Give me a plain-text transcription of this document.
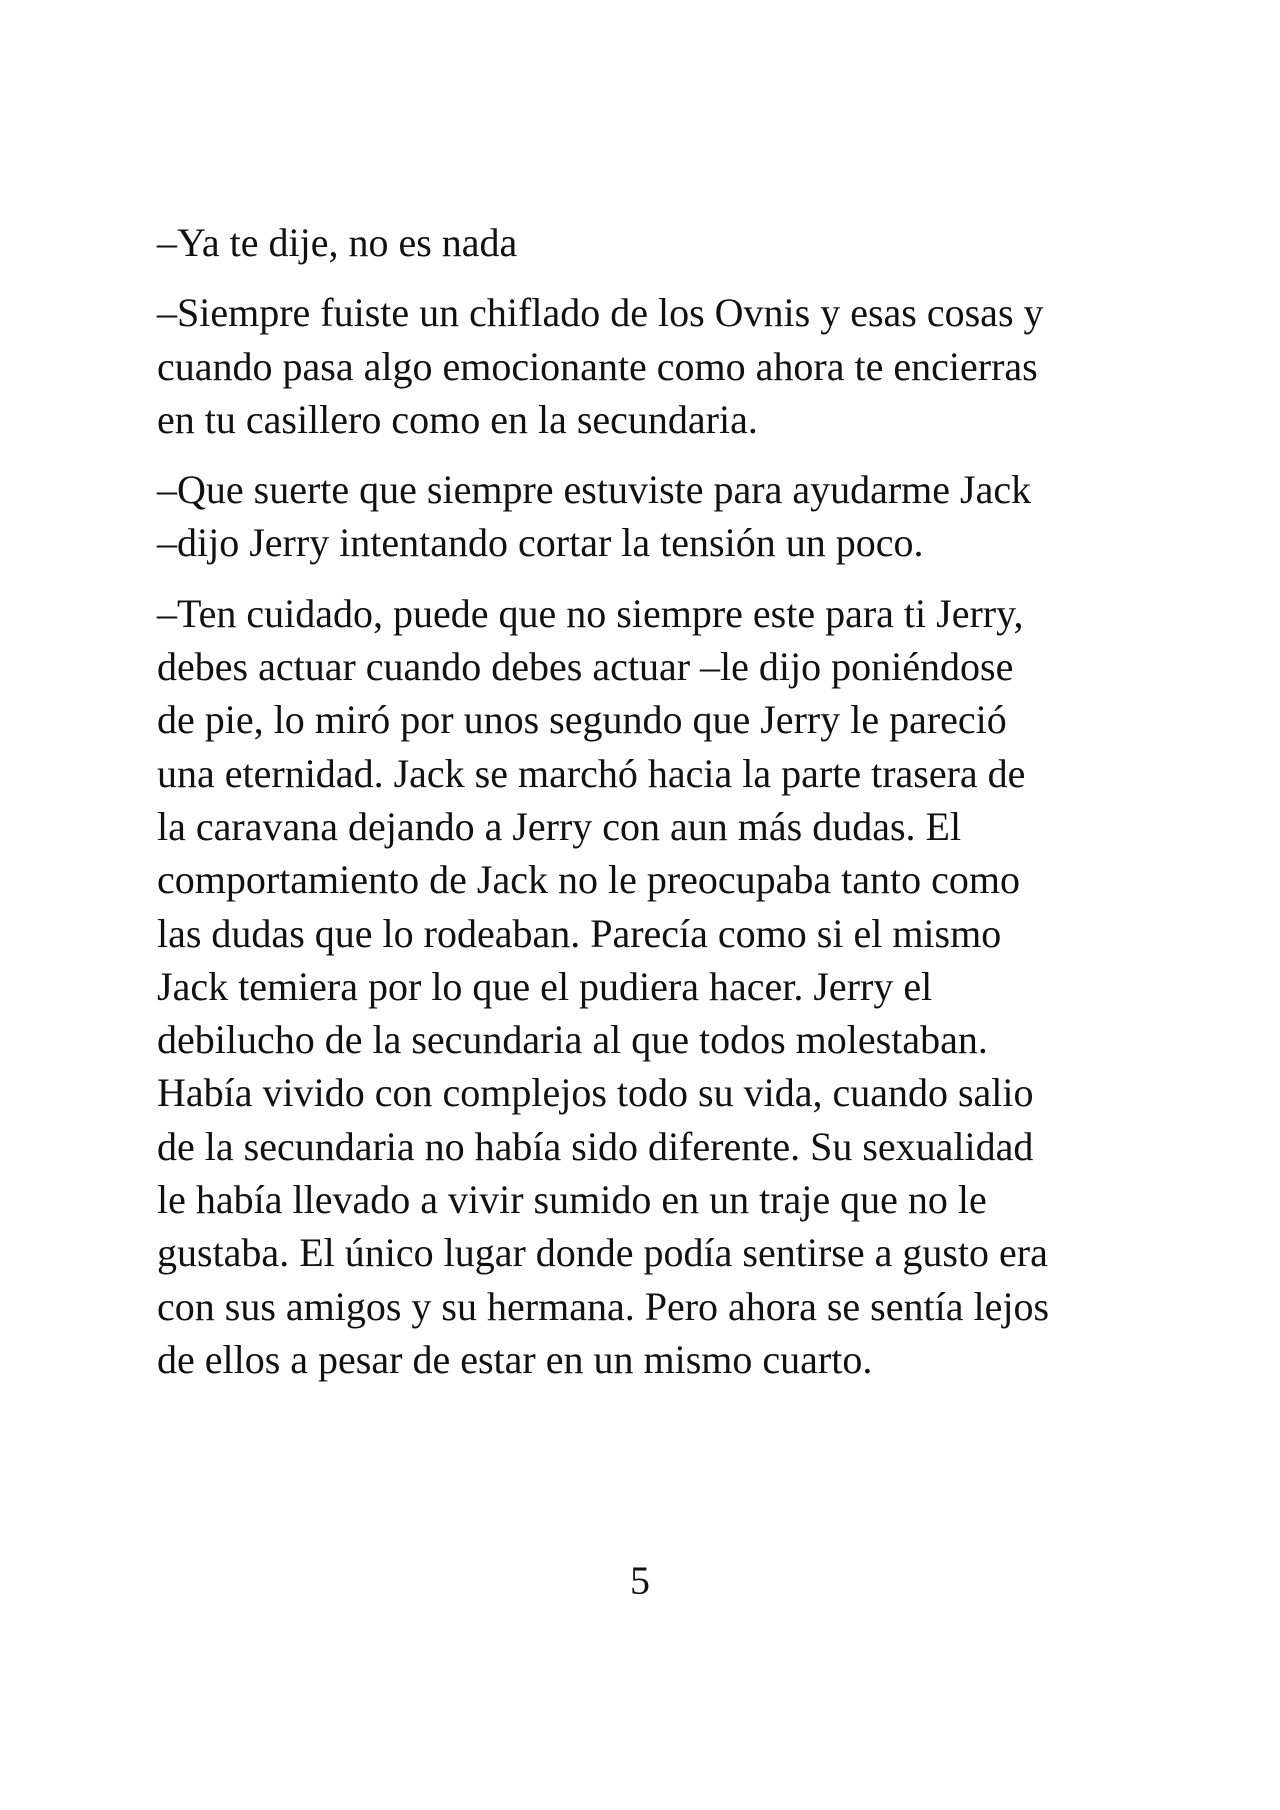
–Ya te dije, no es nada
–Siempre fuiste un chiflado de los Ovnis y esas cosas y
cuando pasa algo emocionante como ahora te encierras
en tu casillero como en la secundaria.
–Que suerte que siempre estuviste para ayudarme Jack
–dijo Jerry intentando cortar la tensión un poco.
–Ten cuidado, puede que no siempre este para ti Jerry,
debes actuar cuando debes actuar –le dijo poniéndose
de pie, lo miró por unos segundo que Jerry le pareció
una eternidad. Jack se marchó hacia la parte trasera de
la caravana dejando a Jerry con aun más dudas. El
comportamiento de Jack no le preocupaba tanto como
las dudas que lo rodeaban. Parecía como si el mismo
Jack temiera por lo que el pudiera hacer. Jerry el
debilucho de la secundaria al que todos molestaban.
Había vivido con complejos todo su vida, cuando salio
de la secundaria no había sido diferente. Su sexualidad
le había llevado a vivir sumido en un traje que no le
gustaba. El único lugar donde podía sentirse a gusto era
con sus amigos y su hermana. Pero ahora se sentía lejos
de ellos a pesar de estar en un mismo cuarto.
5
